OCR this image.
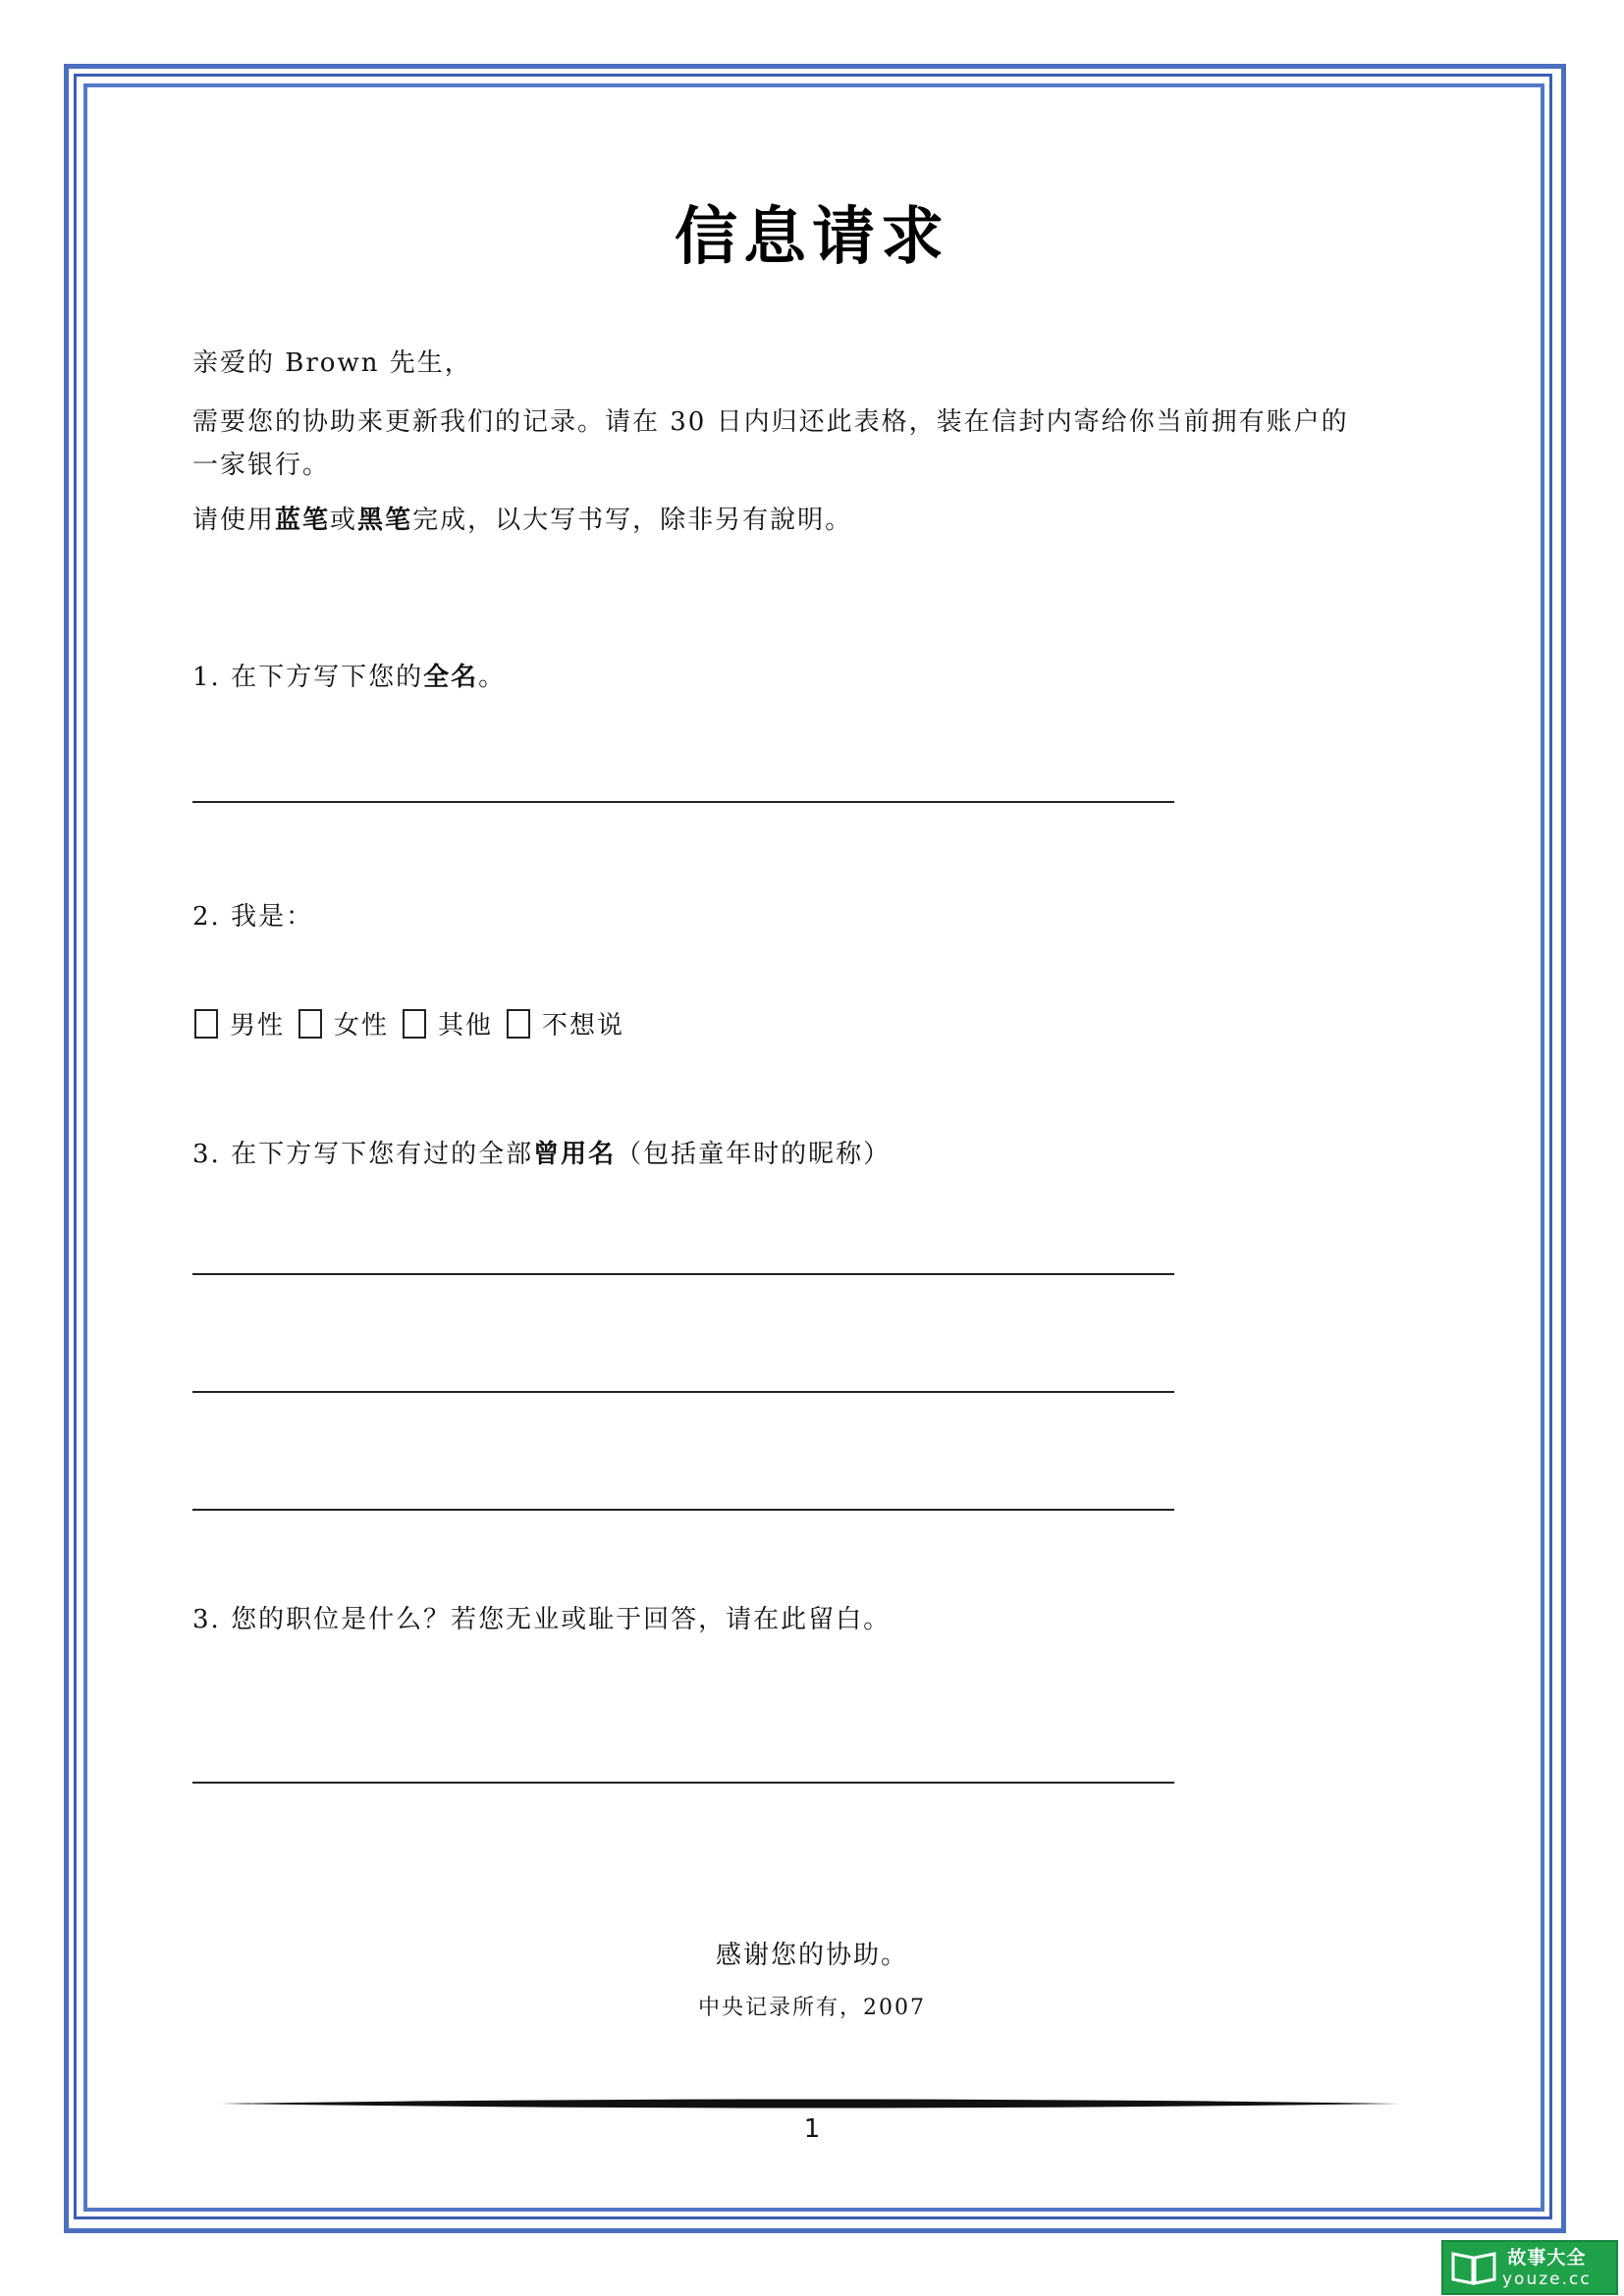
信息请求
亲爱的 Brown 先生，
需要您的协助来更新我们的记录。请在 30 日内归还此表格，装在信封内寄给你当前拥有账户的
一家银行。
请使用蓝笔或黑笔完成，以大写书写，除非另有說明。
1. 在下方写下您的全名。
2. 我是：
男性 女性 其他 不想说
3. 在下方写下您有过的全部曾用名（包括童年时的昵称）
3. 您的职位是什么？若您无业或耻于回答，请在此留白。
感谢您的协助。
中央记录所有，2007
1
故事大全
youze.cc
